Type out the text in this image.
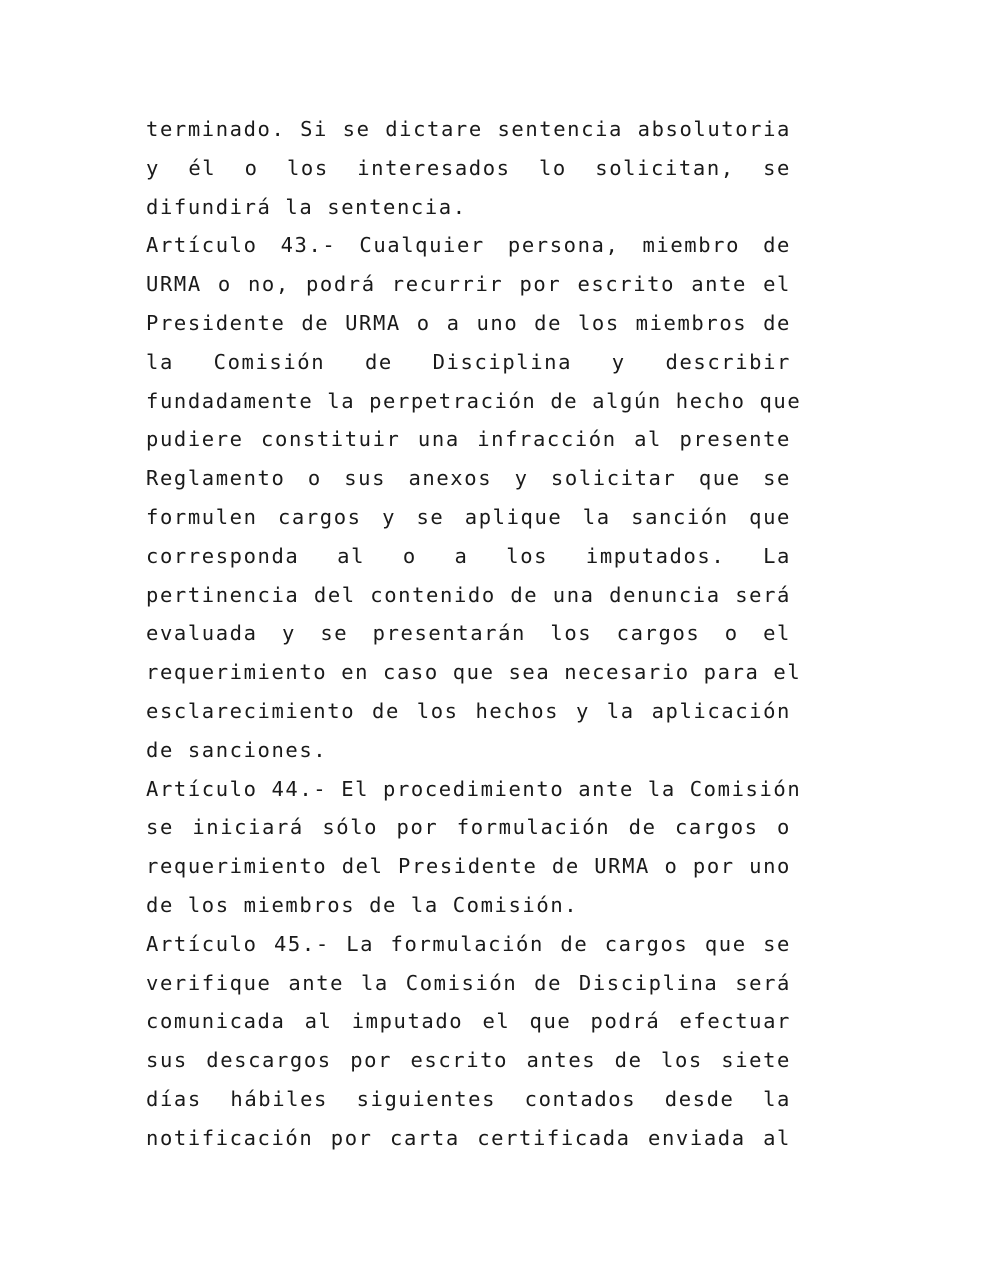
terminado. Si se dictare sentencia absolutoria
y él o los interesados lo solicitan, se
difundirá la sentencia.
Artículo 43.- Cualquier persona, miembro de
URMA o no, podrá recurrir por escrito ante el
Presidente de URMA o a uno de los miembros de
la Comisión de Disciplina y describir
fundadamente la perpetración de algún hecho que
pudiere constituir una infracción al presente
Reglamento o sus anexos y solicitar que se
formulen cargos y se aplique la sanción que
corresponda al o a los imputados. La
pertinencia del contenido de una denuncia será
evaluada y se presentarán los cargos o el
requerimiento en caso que sea necesario para el
esclarecimiento de los hechos y la aplicación
de sanciones.
Artículo 44.- El procedimiento ante la Comisión
se iniciará sólo por formulación de cargos o
requerimiento del Presidente de URMA o por uno
de los miembros de la Comisión.
Artículo 45.- La formulación de cargos que se
verifique ante la Comisión de Disciplina será
comunicada al imputado el que podrá efectuar
sus descargos por escrito antes de los siete
días hábiles siguientes contados desde la
notificación por carta certificada enviada al
